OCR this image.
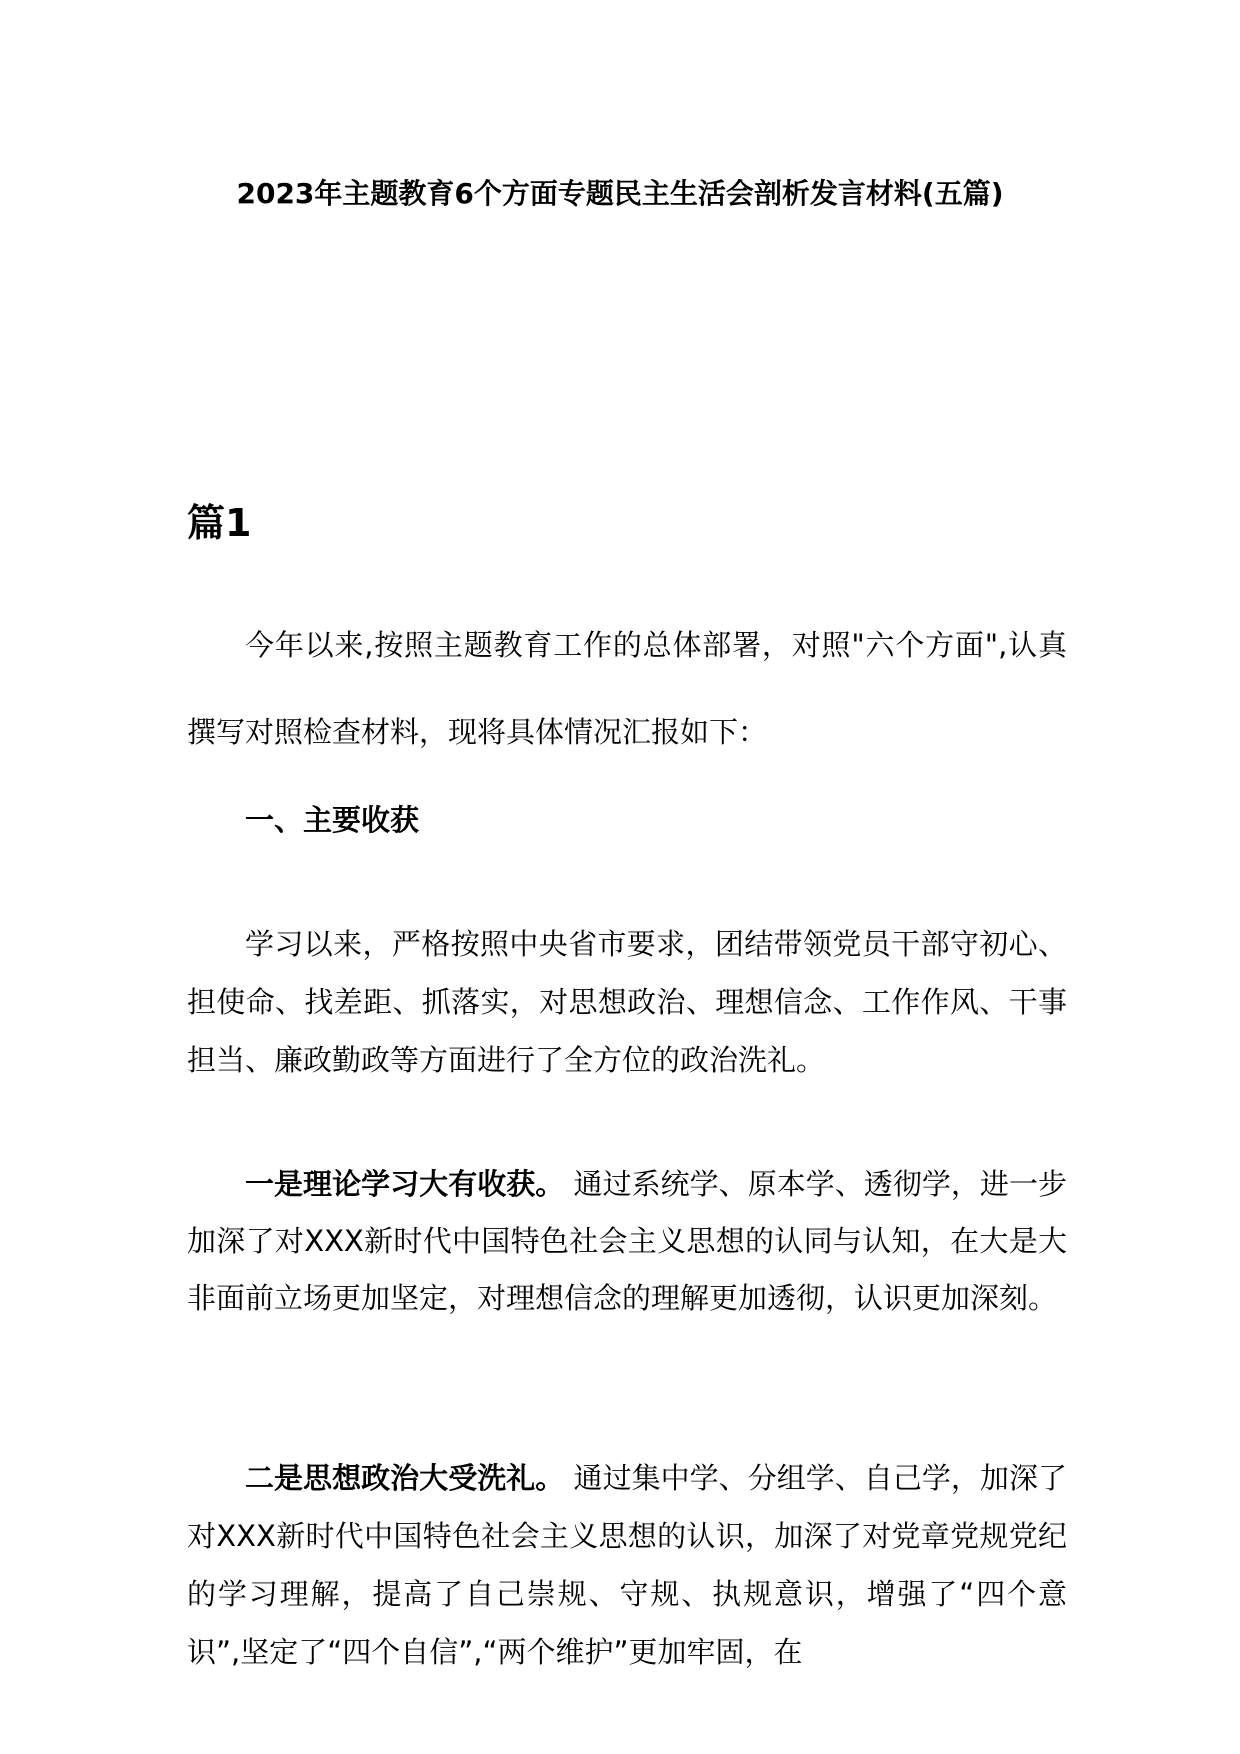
2023年主题教育6个方面专题民主生活会剖析发言材料(五篇)
篇1

今年以来,按照主题教育工作的总体部署，对照"六个方面",认真撰写对照检查材料，现将具体情况汇报如下：

一、主要收获

学习以来，严格按照中央省市要求，团结带领党员干部守初心、担使命、找差距、抓落实，对思想政治、理想信念、工作作风、干事担当、廉政勤政等方面进行了全方位的政治洗礼。

一是理论学习大有收获。 通过系统学、原本学、透彻学，进一步加深了对XXX新时代中国特色社会主义思想的认同与认知，在大是大非面前立场更加坚定，对理想信念的理解更加透彻，认识更加深刻。

二是思想政治大受洗礼。 通过集中学、分组学、自己学，加深了对XXX新时代中国特色社会主义思想的认识，加深了对党章党规党纪的学习理解，提高了自己崇规、守规、执规意识，增强了“四个意识”,坚定了“四个自信”,“两个维护”更加牢固，在
